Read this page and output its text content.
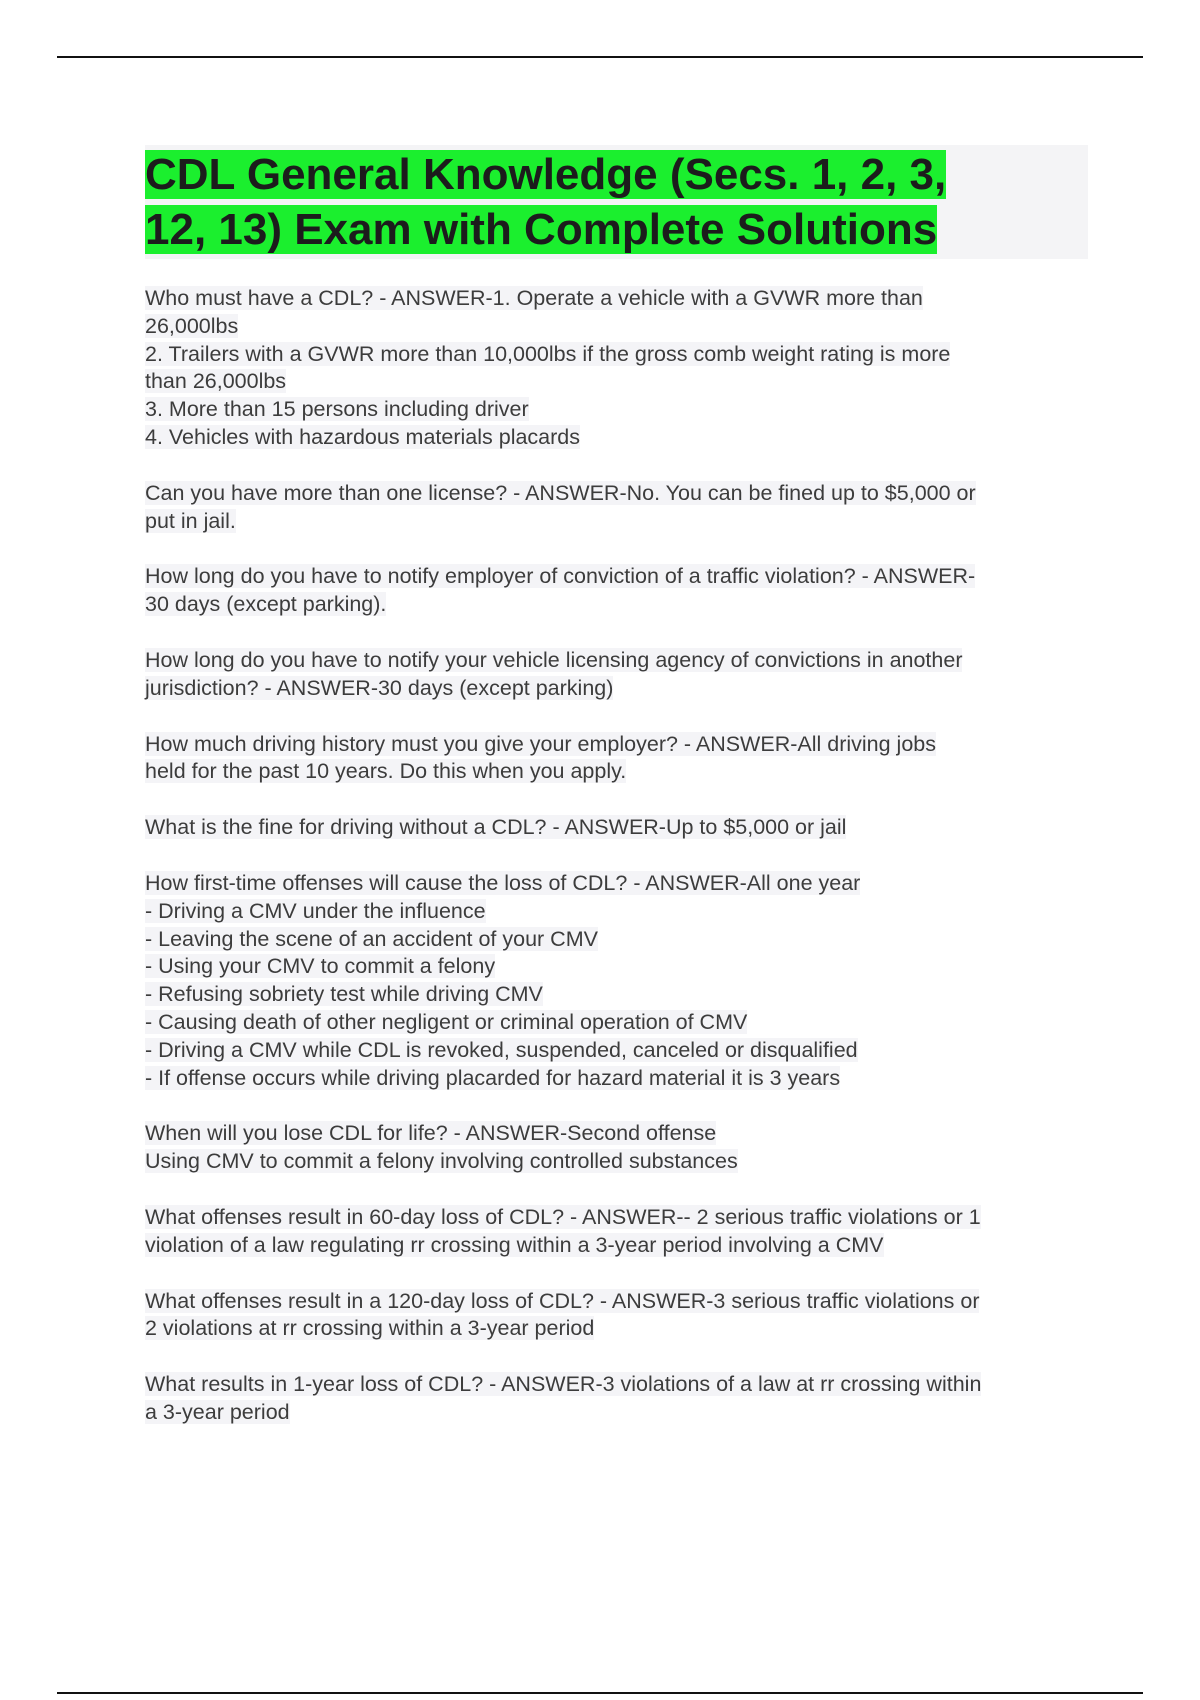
CDL General Knowledge (Secs. 1, 2, 3,
12, 13) Exam with Complete Solutions
Who must have a CDL? - ANSWER-1. Operate a vehicle with a GVWR more than
26,000lbs
2. Trailers with a GVWR more than 10,000lbs if the gross comb weight rating is more
than 26,000lbs
3. More than 15 persons including driver
4. Vehicles with hazardous materials placards
Can you have more than one license? - ANSWER-No. You can be fined up to $5,000 or
put in jail.
How long do you have to notify employer of conviction of a traffic violation? - ANSWER-
30 days (except parking).
How long do you have to notify your vehicle licensing agency of convictions in another
jurisdiction? - ANSWER-30 days (except parking)
How much driving history must you give your employer? - ANSWER-All driving jobs
held for the past 10 years. Do this when you apply.
What is the fine for driving without a CDL? - ANSWER-Up to $5,000 or jail
How first-time offenses will cause the loss of CDL? - ANSWER-All one year
- Driving a CMV under the influence
- Leaving the scene of an accident of your CMV
- Using your CMV to commit a felony
- Refusing sobriety test while driving CMV
- Causing death of other negligent or criminal operation of CMV
- Driving a CMV while CDL is revoked, suspended, canceled or disqualified
- If offense occurs while driving placarded for hazard material it is 3 years
When will you lose CDL for life? - ANSWER-Second offense
Using CMV to commit a felony involving controlled substances
What offenses result in 60-day loss of CDL? - ANSWER-- 2 serious traffic violations or 1
violation of a law regulating rr crossing within a 3-year period involving a CMV
What offenses result in a 120-day loss of CDL? - ANSWER-3 serious traffic violations or
2 violations at rr crossing within a 3-year period
What results in 1-year loss of CDL? - ANSWER-3 violations of a law at rr crossing within
a 3-year period
